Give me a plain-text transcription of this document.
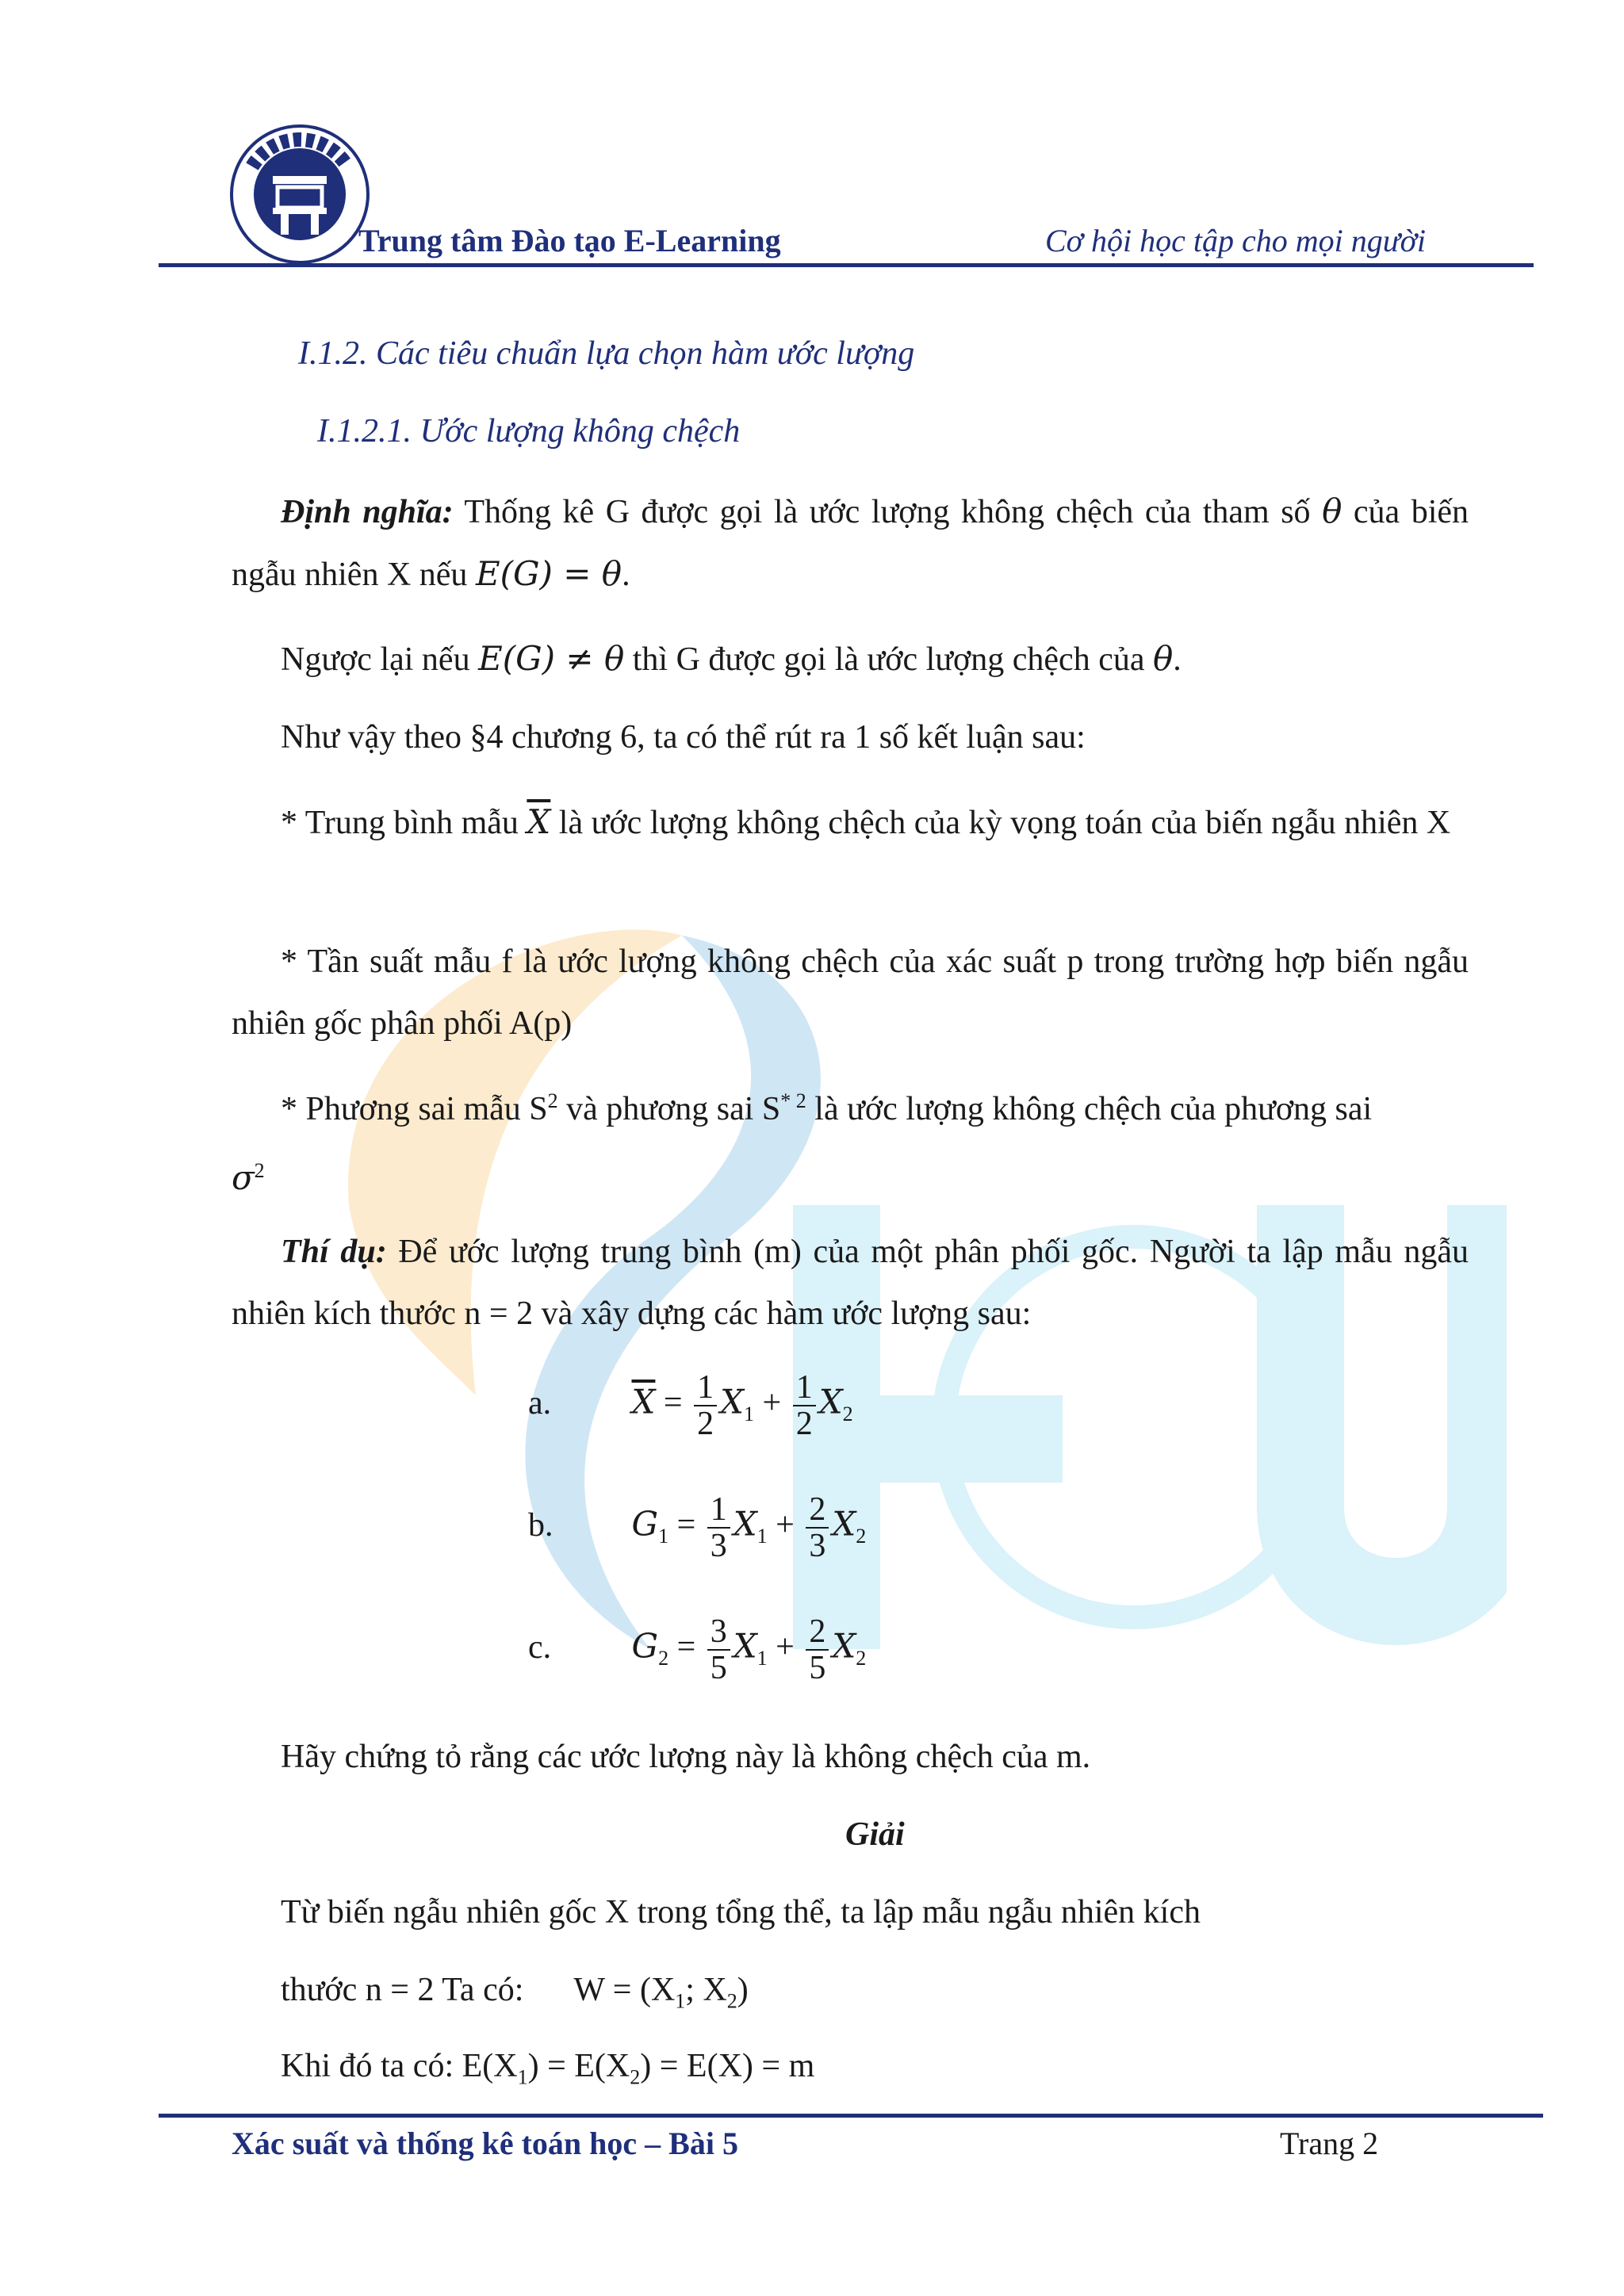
Trung tâm Đào tạo E-Learning	Cơ hội học tập cho mọi người
I.1.2. Các tiêu chuẩn lựa chọn hàm ước lượng
I.1.2.1. Ước lượng không chệch
Định nghĩa: Thống kê G được gọi là ước lượng không chệch của tham số θ của biến ngẫu nhiên X nếu E(G) = θ.
Ngược lại nếu E(G) ≠ θ thì G được gọi là ước lượng chệch của θ.
Như vậy theo §4 chương 6, ta có thể rút ra 1 số kết luận sau:
* Trung bình mẫu $\overline{X}$ là ước lượng không chệch của kỳ vọng toán của biến ngẫu nhiên X
* Tần suất mẫu f là ước lượng không chệch của xác suất p trong trường hợp biến ngẫu nhiên gốc phân phối A(p)
* Phương sai mẫu $S^2$ và phương sai $S^{* 2}$ là ước lượng không chệch của phương sai
$\sigma^2$
Thí dụ: Để ước lượng trung bình (m) của một phân phối gốc. Người ta lập mẫu ngẫu nhiên kích thước n = 2 và xây dựng các hàm ước lượng sau:
a. $\overline{X} = \frac{1}{2} X_1 + \frac{1}{2} X_2$
b. $G_1 = \frac{1}{3} X_1 + \frac{2}{3} X_2$
c. $G_2 = \frac{3}{5} X_1 + \frac{2}{5} X_2$
Hãy chứng tỏ rằng các ước lượng này là không chệch của m.
Giải
Từ biến ngẫu nhiên gốc X trong tổng thể, ta lập mẫu ngẫu nhiên kích
thước n = 2 Ta có: $W = (X_1$; $X_2$)
Khi đó ta có: $E(X_1) = E(X_2) = E(X) = m$
Xác suất và thống kê toán học – Bài 5	Trang 2
